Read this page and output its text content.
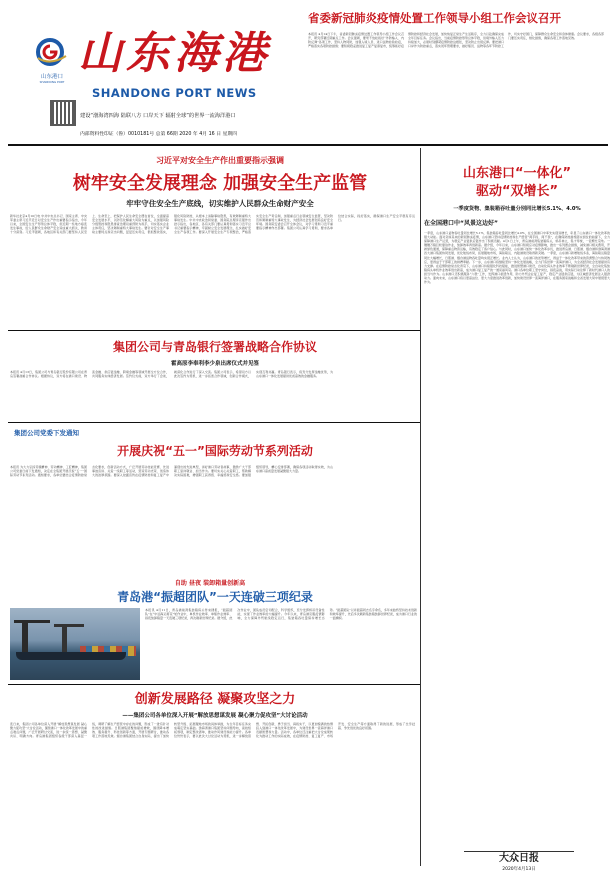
省委新冠肺炎疫情处置工作领导小组工作会议召开
山东港口
SHANDONG PORT
山东海港
SHANDONG PORT NEWS
建设“渤海湾四海 陆联八方 口岸天下 辐射全球”的世界一流海洋港口
内部资料性印证（鲁）0010181号 总第 66期 2020 年 4月 16 日 星期四
本报讯 4月14日下午，省委新冠肺炎疫情处置工作领导小组工作会议召开，研究部署近期重点工作。会议强调，要毫不放松抓好“外防输入、内防反弹”各项工作，坚持人物同防，加强入境人员、进口货物检验检疫，严格落实各项防控措施；要积极稳妥推进复工复产复商复市，统筹抓好疫情防控和经济社会发展，加快恢复正常生产生活秩序，全力以赴确保完成全年目标任务。会议指出，当前疫情防控形势总体平稳，但境外输入压力持续加大，必须时刻绷紧疫情防控这根弦，坚决防止出现反弹。要把港口口岸作为防控重点，落实闭环管理要求，做好船员、货物等各环节防控工作，切实守好国门，保障群众生命安全和身体健康。会议要求，各级各部门要压实责任，细化措施，确保各项工作落地见效。
习近平对安全生产作出重要指示强调
树牢安全发展理念 加强安全生产监管
牢牢守住安全生产底线，切实维护人民群众生命财产安全
新华社北京4月10日电 中共中央总书记、国家主席、中央军委主席习近平近日对安全生产作出重要指示指出，今年以来，全国安全生产形势总体平稳，但近期一些地方接连发生事故，给人民群众生命财产安全造成重大损失，教训十分深刻。习近平强调，各地区和有关部门要坚持人民至上、生命至上，把保护人民生命安全摆在首位，全面提高安全发展水平，以防范化解重大风险为重点，以加强风险分级管控和隐患排查治理双重预防为抓手，切实落实企业主体责任，坚决遏制重特大事故发生。要针对安全生产事故主要特点和突出问题，层层压实责任，狠抓整改落实，强化风险防控，从根本上消除事故隐患，有效遏制重特大事故发生。中共中央政治局常委、国务院总理李克强作出批示指出，各地区、各有关部门要认真贯彻落实习近平总书记重要指示精神，牢固树立安全发展理念，扎实做好安全生产各项工作。要深入开展安全生产专项整治，严格落实安全生产责任制，加强重点行业领域安全监管，坚决防范和遏制重特大事故发生，为经济社会发展创造良好安全环境。国务院安委会召开全体会议，对学习贯彻习近平重要指示精神作出部署。集团公司认真学习贯彻，要求各单位结合实际，抓好落实，确保港口生产安全平稳有序运行。
山东港口“一体化”
驱动“双增长”
一季度货物、集装箱吞吐量分别同比增长5.1%、4.0%
在全国港口中“风景这边好”
一季度，山东港口货物吞吐量同比增长5.1%，集装箱吞吐量同比增长4.0%，在全国港口中率先实现双增长，彰显了山东港口一体化改革的强大动能。面对突如其来的新冠肺炎疫情，山东港口坚持疫情防控和生产经营“两手抓、两不误”，在确保防控措施落实到位的前提下，全力保障港口生产运营，为稳定产业链供应链作出了积极贡献。4月1日上午，青岛港前湾集装箱码头，桥吊林立，集卡穿梭，一派繁忙景象。一艘艘万箱巨轮靠泊作业，装卸效率再创新高。据介绍，今年以来，山东港口积极应对疫情影响，推出一系列惠企措施，减免港口相关费用，开辟绿色通道，保障重点物资运输，有效稳定了客户信心。与此同时，山东港口加快一体化改革步伐，推进青岛港、日照港、烟台港和渤海湾港四大港口集团协同发展，优化航线布局，拓展腹地市场，海铁联运、内陆港建设取得新突破。一季度，山东港口新增航线多条，海铁联运箱量同比大幅增长，日照港、烟台港货物吞吐量均实现正增长。业内人士认为，山东港口的逆势增长，得益于一体化改革带来的资源整合与协同效应，更得益于干部职工的拼搏奉献。下一步，山东港口将继续坚持一体化发展战略，全力打造世界一流海洋港口，为全省经济社会发展提供有力支撑。在疫情防控常态化背景下，山东港口持续强化科技赋能，推进智慧港口建设，自动化码头作业效率不断刷新世界纪录，全自动化集装箱码头单机作业效率创出新高，成为港口复工复产的一道亮丽风景。港口各单位职工坚守岗位，昼夜奋战，用实际行动诠释了新时代港口人的担当与作为。山东港口还积极服务“六稳”工作，发挥港口枢纽作用，助力外贸企业复工复产，稳定产业链供应链，为区域经济发展注入强劲动力。面向未来，山东港口将以更高站位、更大力度推进改革创新，加快建设世界一流海洋港口，在服务国家战略和全省发展大局中展现更大作为。
大众日报
2020年4月13日
集团公司与青岛银行签署战略合作协议
霍高原李奉利李少泉出席仪式并见签
本报讯 4月13日，集团公司与青岛银行股份有限公司在青岛签署战略合作协议。根据协议，双方将在港口建设、物流金融、供应链金融、跨境金融等领域开展全方位合作，共同服务实体经济发展。签约仪式前，双方举行了会谈，就深化合作进行了深入交流。集团公司表示，希望双方以此次签约为契机，进一步拓宽合作领域，创新合作模式，实现互利共赢。青岛银行表示，将充分发挥金融优势，为山东港口一体化发展提供优质高效的金融服务。
集团公司党委下发通知
开展庆祝“五一”国际劳动节系列活动
本报讯 为大力弘扬劳模精神、劳动精神、工匠精神，集团公司党委日前下发通知，决定在全集团开展庆祝“五一”国际劳动节系列活动。通知要求，各单位要结合疫情防控常态化要求，创新活动方式，广泛开展劳动技能竞赛、先进事迹宣讲、关爱一线职工等活动，营造劳动光荣、创造伟大的浓厚氛围。要深入挖掘宣传在疫情防控和复工复产中涌现出的先进典型，讲好港口劳动者故事，激励广大干部职工爱岗敬业、担当作为。要切实关心关爱职工，帮助解决实际困难，增强职工获得感、幸福感和安全感。要加强组织领导，精心安排部署，确保各项活动取得实效，为山东港口高质量发展凝聚强大力量。
自助 昼夜 装卸箱量创新高
青岛港“振超团队”一天连破三项纪录
本报讯 4月11日，青岛港前湾集装箱码头传来捷报，“振超团队”在“中远海运荷花”轮作业中，单机作业效率、单船作业效率、昼夜装卸箱量一天连破三项纪录，再次刷新世界纪录。据介绍，此次作业中，团队成员密切配合，科学组织，充分发挥桥吊设备性能，实现了作业效率的大幅提升。今年以来，青岛港克服疫情影响，全力保障外贸航线稳定运行，集装箱吞吐量保持增长态势。“振超团队”以许振超同志名字命名，多年来始终坚持技术创新和效率提升，先后多次刷新集装箱装卸世界纪录，成为港口行业的一面旗帜。
创新发展路径 凝聚攻坚之力
——集团公司各单位深入开展“解放思想谋发展 凝心聚力促攻坚”大讨论活动
连日来，集团公司各单位深入开展“解放思想谋发展 凝心聚力促攻坚”大讨论活动，围绕港口一体化改革发展中的重点难点问题，广泛开展研讨交流，进一步统一思想、凝聚共识、明确方向。青岛港集团组织各级干部深入基层一线，调研了解生产经营中存在的问题，形成了一批有针对性的改进措施。日照港集团聚焦提质增效，围绕降本增效、服务提升、科技创新等方面，开展专题研讨，推动各项工作落地见效。烟台港集团结合自身实际，提出了加快转型升级、拓展腹地市场的具体举措，为全年目标任务完成奠定坚实基础。渤海湾港口集团坚持问题导向，查找短板弱项，制定整改清单，推动作风建设和能力提升。各单位纷纷表示，要以此次大讨论活动为契机，进一步解放思想、开拓创新，勇于担当、真抓实干，以更加饱满的热情投入到港口一体化改革发展中，为建设世界一流海洋港口贡献智慧和力量。活动中，各单位还注重把大讨论成果转化为推动工作的实际成效，在疫情防控、复工复产、市场开发、安全生产等方面取得了新的进展，形成了比学赶超、争先创优的良好氛围。
